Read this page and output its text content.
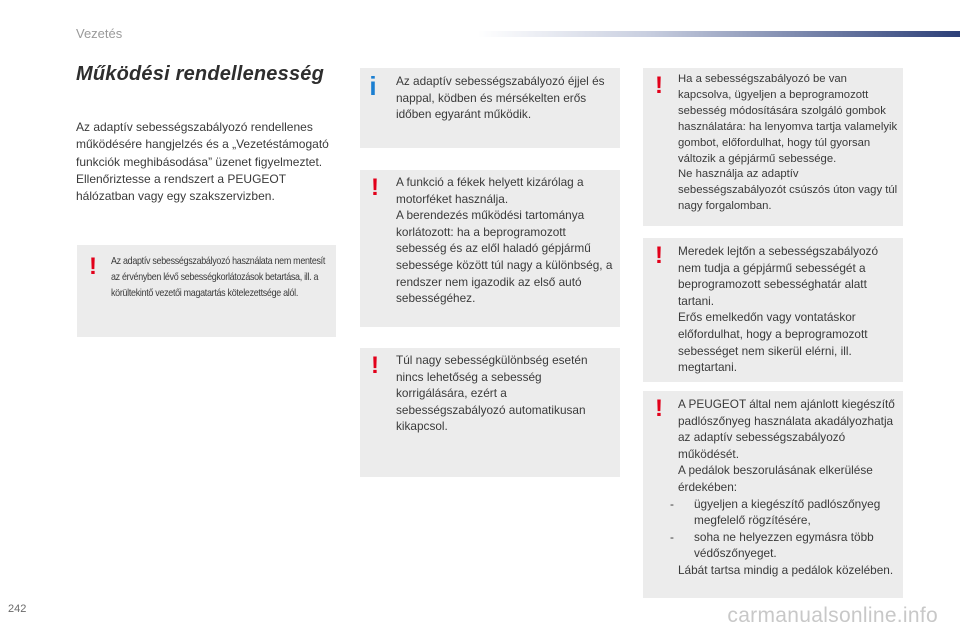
Vezetés
Működési rendellenesség
Az adaptív sebességszabályozó rendellenes működésére hangjelzés és a „Vezetéstámogató funkciók meghibásodása” üzenet figyelmeztet. Ellenőriztesse a rendszert a PEUGEOT hálózatban vagy egy szakszervizben.
! Az adaptív sebességszabályozó használata nem mentesít az érvényben lévő sebességkorlátozások betartása, ill. a körültekintő vezetői magatartás kötelezettsége alól.
i Az adaptív sebességszabályozó éjjel és nappal, ködben és mérsékelten erős időben egyaránt működik.
! A funkció a fékek helyett kizárólag a motorféket használja.
A berendezés működési tartománya korlátozott: ha a beprogramozott sebesség és az elől haladó gépjármű sebessége között túl nagy a különbség, a rendszer nem igazodik az első autó sebességéhez.
! Túl nagy sebességkülönbség esetén nincs lehetőség a sebesség korrigálására, ezért a sebességszabályozó automatikusan kikapcsol.
! Ha a sebességszabályozó be van kapcsolva, ügyeljen a beprogramozott sebesség módosítására szolgáló gombok használatára: ha lenyomva tartja valamelyik gombot, előfordulhat, hogy túl gyorsan változik a gépjármű sebessége.
Ne használja az adaptív sebességszabályozót csúszós úton vagy túl nagy forgalomban.
! Meredek lejtőn a sebességszabályozó nem tudja a gépjármű sebességét a beprogramozott sebességhatár alatt tartani.
Erős emelkedőn vagy vontatáskor előfordulhat, hogy a beprogramozott sebességet nem sikerül elérni, ill. megtartani.
! A PEUGEOT által nem ajánlott kiegészítő padlószőnyeg használata akadályozhatja az adaptív sebességszabályozó működését.
A pedálok beszorulásának elkerülése érdekében:
-	ügyeljen a kiegészítő padlószőnyeg megfelelő rögzítésére,
-	soha ne helyezzen egymásra több védőszőnyeget.
Lábát tartsa mindig a pedálok közelében.
242	carmanualsonline.info
